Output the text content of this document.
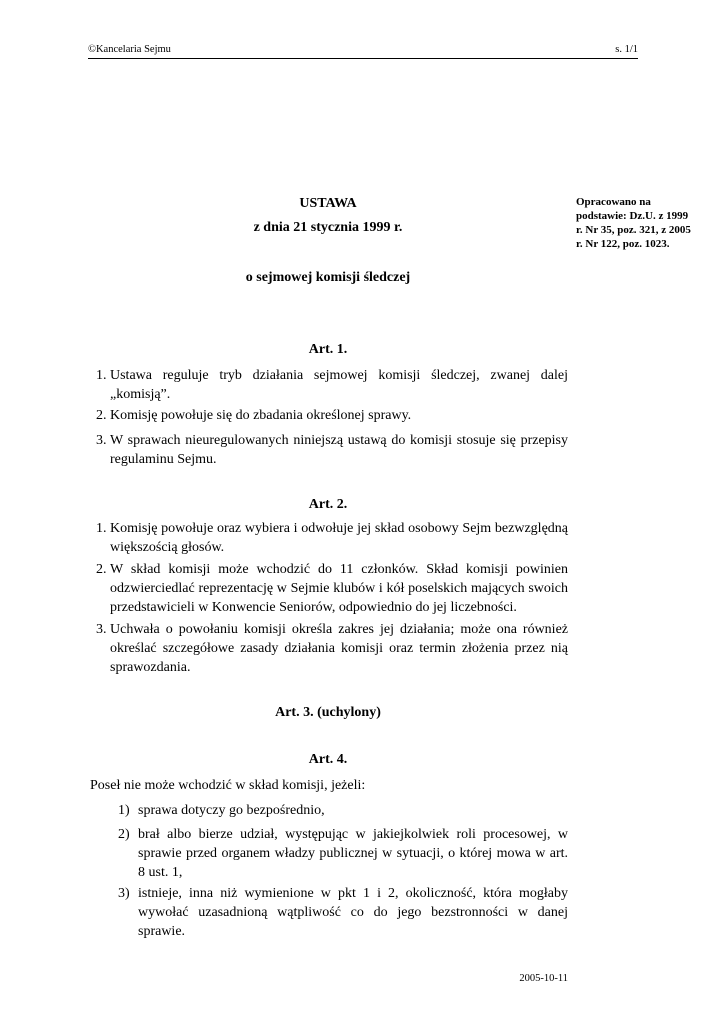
©Kancelaria Sejmu	s. 1/1
Opracowano na podstawie: Dz.U. z 1999 r. Nr 35, poz. 321, z 2005 r. Nr 122, poz. 1023.
USTAWA
z dnia 21 stycznia 1999 r.
o sejmowej komisji śledczej
Art. 1.
1. Ustawa reguluje tryb działania sejmowej komisji śledczej, zwanej dalej „komisją”.
2. Komisję powołuje się do zbadania określonej sprawy.
3. W sprawach nieuregulowanych niniejszą ustawą do komisji stosuje się przepisy regulaminu Sejmu.
Art. 2.
1. Komisję powołuje oraz wybiera i odwołuje jej skład osobowy Sejm bezwzględną większością głosów.
2. W skład komisji może wchodzić do 11 członków. Skład komisji powinien odzwierciedlać reprezentację w Sejmie klubów i kół poselskich mających swoich przedstawicieli w Konwencie Seniorów, odpowiednio do jej liczebności.
3. Uchwała o powołaniu komisji określa zakres jej działania; może ona również określać szczegółowe zasady działania komisji oraz termin złożenia przez nią sprawozdania.
Art. 3. (uchylony)
Art. 4.
Poseł nie może wchodzić w skład komisji, jeżeli:
1) sprawa dotyczy go bezpośrednio,
2) brał albo bierze udział, występując w jakiejkolwiek roli procesowej, w sprawie przed organem władzy publicznej w sytuacji, o której mowa w art. 8 ust. 1,
3) istnieje, inna niż wymienione w pkt 1 i 2, okoliczność, która mogłaby wywołać uzasadnioną wątpliwość co do jego bezstronności w danej sprawie.
2005-10-11
